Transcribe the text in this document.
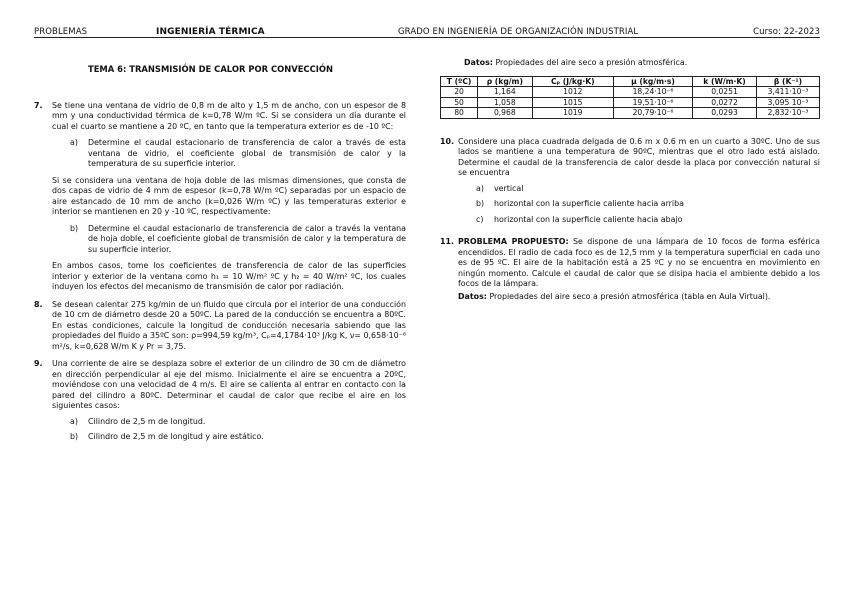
PROBLEMAS	INGENIERÍA TÉRMICA	GRADO EN INGENIERÍA DE ORGANIZACIÓN INDUSTRIAL	Curso: 22-2023
TEMA 6: TRANSMISIÓN DE CALOR POR CONVECCIÓN
7. Se tiene una ventana de vidrio de 0,8 m de alto y 1,5 m de ancho, con un espesor de 8 mm y una conductividad térmica de k=0,78 W/m ºC. Si se considera un día durante el cual el cuarto se mantiene a 20 ºC, en tanto que la temperatura exterior es de -10 ºC:

a) Determine el caudal estacionario de transferencia de calor a través de esta ventana de vidrio, el coeficiente global de transmisión de calor y la temperatura de su superficie interior.

Si se considera una ventana de hoja doble de las mismas dimensiones, que consta de dos capas de vidrio de 4 mm de espesor (k=0,78 W/m ºC) separadas por un espacio de aire estancado de 10 mm de ancho (k=0,026 W/m ºC) y las temperaturas exterior e interior se mantienen en 20 y -10 ºC, respectivamente:

b) Determine el caudal estacionario de transferencia de calor a través la ventana de hoja doble, el coeficiente global de transmisión de calor y la temperatura de su superficie interior.

En ambos casos, tome los coeficientes de transferencia de calor de las superficies interior y exterior de la ventana como h₁ = 10 W/m² ºC y h₂ = 40 W/m² ºC, los cuales induyen los efectos del mecanismo de transmisión de calor por radiación.

8. Se desean calentar 275 kg/min de un fluido que circula por el interior de una conducción de 10 cm de diámetro desde 20 a 50ºC. La pared de la conducción se encuentra a 80ºC. En estas condiciones, calcule la longitud de conducción necesaria sabiendo que las propiedades del fluido a 35ºC son: ρ=994,59 kg/m³, Cₚ=4,1784·10³ J/kg K, ν= 0,658·10⁻⁶ m²/s, k=0,628 W/m K y Pr = 3,75.

9. Una corriente de aire se desplaza sobre el exterior de un cilindro de 30 cm de diámetro en dirección perpendicular al eje del mismo. Inicialmente el aire se encuentra a 20ºC, moviéndose con una velocidad de 4 m/s. El aire se calienta al entrar en contacto con la pared del cilindro a 80ºC. Determinar el caudal de calor que recibe el aire en los siguientes casos:

a) Cilindro de 2,5 m de longitud.
b) Cilindro de 2,5 m de longitud y aire estático.
Datos: Propiedades del aire seco a presión atmosférica.
T (ºC)	ρ (kg/m)	Cₚ (J/kg·K)	μ (kg/m·s)	k (W/m·K)	β (K⁻¹)
20	1,164	1012	18,24·10⁻⁶	0,0251	3,411·10⁻³
50	1,058	1015	19,51·10⁻⁶	0,0272	3,095 10⁻³
80	0,968	1019	20,79·10⁻⁶	0,0293	2,832·10⁻³
10. Considere una placa cuadrada delgada de 0.6 m x 0.6 m en un cuarto a 30ºC. Uno de sus lados se mantiene a una temperatura de 90ºC, mientras que el otro lado está aislado. Determine el caudal de la transferencia de calor desde la placa por convección natural si se encuentra

a) vertical
b) horizontal con la superficie caliente hacia arriba
c) horizontal con la superficie caliente hacia abajo
11. PROBLEMA PROPUESTO: Se dispone de una lámpara de 10 focos de forma esférica encendidos. El radio de cada foco es de 12,5 mm y la temperatura superficial en cada uno es de 95 ºC. El aire de la habitación está a 25 ºC y no se encuentra en movimiento en ningún momento. Calcule el caudal de calor que se disipa hacia el ambiente debido a los focos de la lámpara.

Datos: Propiedades del aire seco a presión atmosférica (tabla en Aula Virtual).
